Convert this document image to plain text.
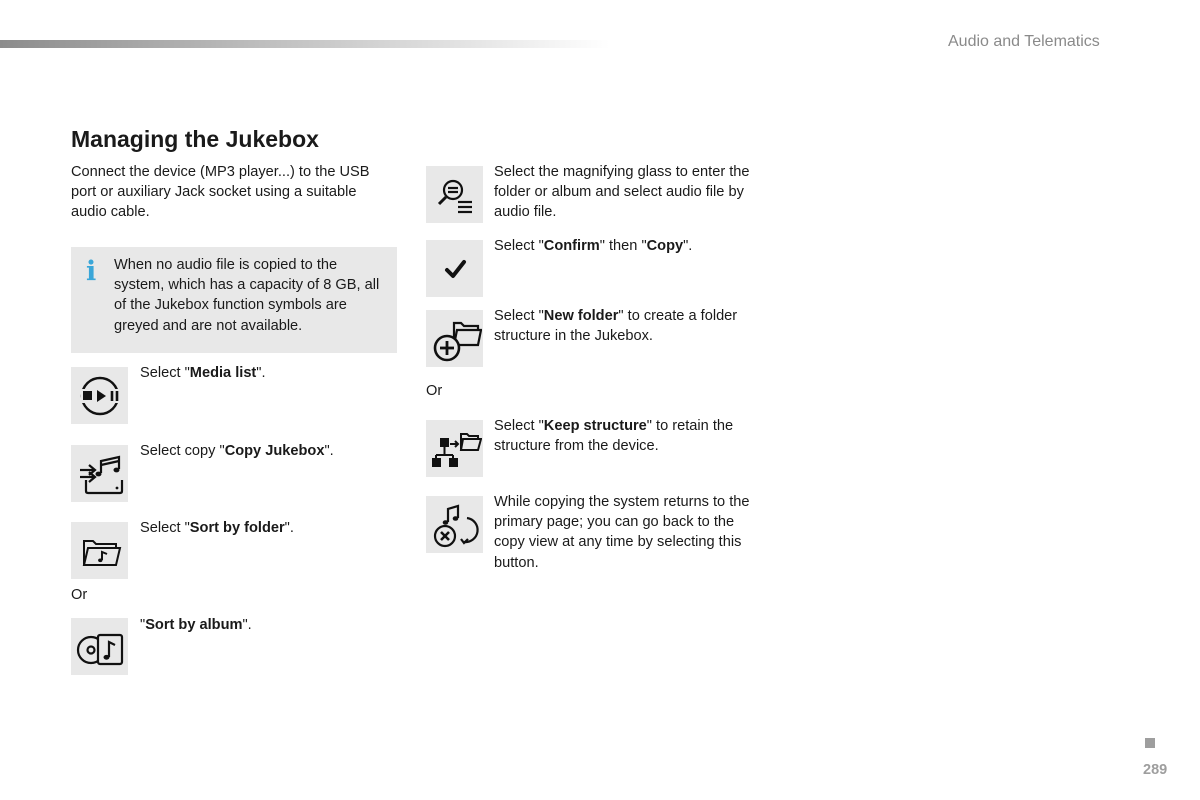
Audio and Telematics
Managing the Jukebox
Connect the device (MP3 player...) to the USB port or auxiliary Jack socket using a suitable audio cable.
i When no audio file is copied to the system, which has a capacity of 8 GB, all of the Jukebox function symbols are greyed and are not available.
Select "Media list".
Select copy "Copy Jukebox".
Select "Sort by folder".
Or
"Sort by album".
Select the magnifying glass to enter the folder or album and select audio file by audio file.
Select "Confirm" then "Copy".
Select "New folder" to create a folder structure in the Jukebox.
Or
Select "Keep structure" to retain the structure from the device.
While copying the system returns to the primary page; you can go back to the copy view at any time by selecting this button.
289
